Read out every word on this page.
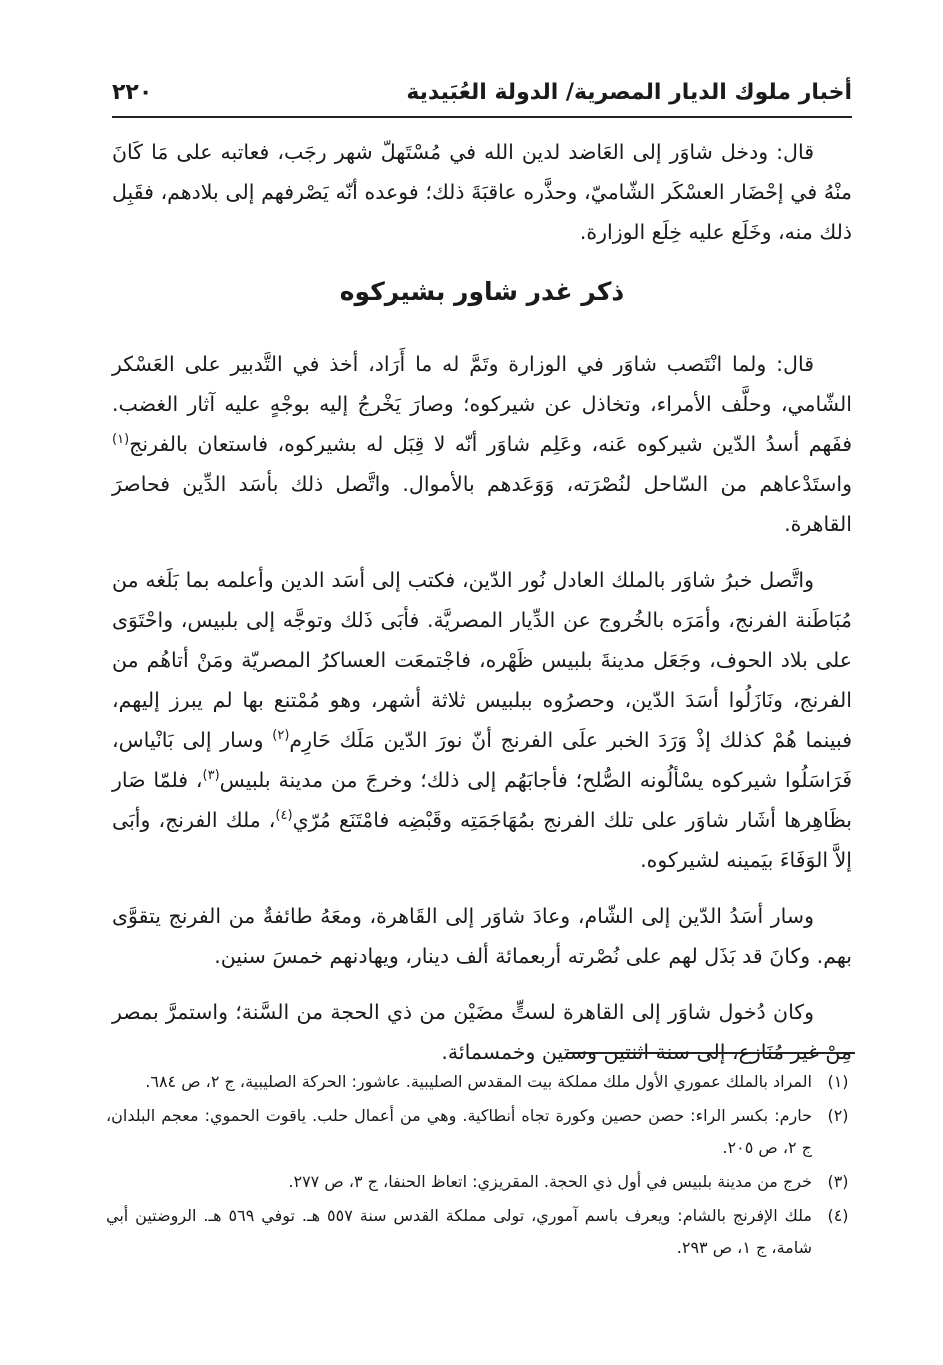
أخبار ملوك الديار المصرية/ الدولة العُبَيدية
٢٢٠

قال: ودخل شاوَر إلى العَاضد لدين الله في مُسْتَهلّ شهر رجَب، فعاتبه على مَا كَانَ منْهُ في إحْضَار العسْكَر الشّاميّ، وحذَّره عاقبَةَ ذلك؛ فوعده أنّه يَصْرفهم إلى بلادهم، فقَبِل ذلك منه، وخَلَع عليه خِلَع الوزارة.

ذكر غدر شاور بشيركوه

قال: ولما انْتَصب شاوَر في الوزارة وتَمَّ له ما أَرَاد، أخذ في التَّدبير على العَسْكر الشّامي، وحلَّف الأمراء، وتخاذل عن شيركوه؛ وصارَ يَخْرجُ إليه بوجْهٍ عليه آثار الغضب. ففَهم أسدُ الدّين شيركوه عَنه، وعَلِم شاوَر أنّه لا قِبَل له بشيركوه، فاستعان بالفرنج$^{(١)}$ واستَدْعاهم من السّاحل لنُصْرَته، وَوَعَدهم بالأموال. واتَّصل ذلك بأسَد الدِّين فحاصرَ القاهرة.

واتَّصل خبرُ شاوَر بالملك العادل نُور الدّين، فكتب إلى أسَد الدين وأعلمه بما بَلَغه من مُبَاطَنة الفرنج، وأمَرَه بالخُروج عن الدِّيار المصريَّة. فأبَى ذَلك وتوجَّه إلى بلبيس، واحْتَوَى على بلاد الحوف، وجَعَل مدينةَ بلبيس ظَهْره، فاجْتمعَت العساكرُ المصريّة ومَنْ أتاهُم من الفرنج، ونَازَلُوا أسَدَ الدّين، وحصرُوه ببلبيس ثلاثة أشهر، وهو مُمْتنع بها لم يبرز إليهم، فبينما هُمْ كذلك إذْ وَرَدَ الخبر علَى الفرنج أنّ نورَ الدّين مَلَك حَارِم$^{(٢)}$ وسار إلى بَانْياس، فَرَاسَلُوا شيركوه يسْألُونه الصُّلح؛ فأجابَهُم إلى ذلك؛ وخرجَ من مدينة بلبيس$^{(٣)}$، فلمّا صَار بظَاهِرها أشَار شاوَر على تلك الفرنج بمُهَاجَمَتِه وقَبْضِه فامْتَنَع مُرّي$^{(٤)}$، ملك الفرنج، وأبَى إلاَّ الوَفَاءَ بيَمينه لشيركوه.

وسار أسَدُ الدّين إلى الشّام، وعادَ شاوَر إلى القَاهرة، ومعَهُ طائفةٌ من الفرنج يتقوَّى بهم. وكانَ قد بَذَل لهم على نُصْرته أربعمائة ألف دينار، ويهادنهم خمسَ سنين.

وكان دُخول شاوَر إلى القاهرة لستٍّ مضَيْن من ذي الحجة من السَّنة؛ واستمرَّ بمصر مِنْ غير مُنَازع، إلى سنة اثنتين وستين وخمسمائة.

(١)
المراد بالملك عموري الأول ملك مملكة بيت المقدس الصليبية. عاشور: الحركة الصليبية، ج ٢، ص ٦٨٤.
(٢)
حارم: بكسر الراء: حصن حصين وكورة تجاه أنطاكية. وهي من أعمال حلب. ياقوت الحموي: معجم البلدان، ج ٢، ص ٢٠٥.
(٣)
خرج من مدينة بلبيس في أول ذي الحجة. المقريزي: اتعاظ الحنفا، ج ٣، ص ٢٧٧.
(٤)
ملك الإفرنج بالشام: ويعرف باسم آموري، تولى مملكة القدس سنة ٥٥٧ هـ. توفي ٥٦٩ هـ. الروضتين أبي شامة، ج ١، ص ٢٩٣.
